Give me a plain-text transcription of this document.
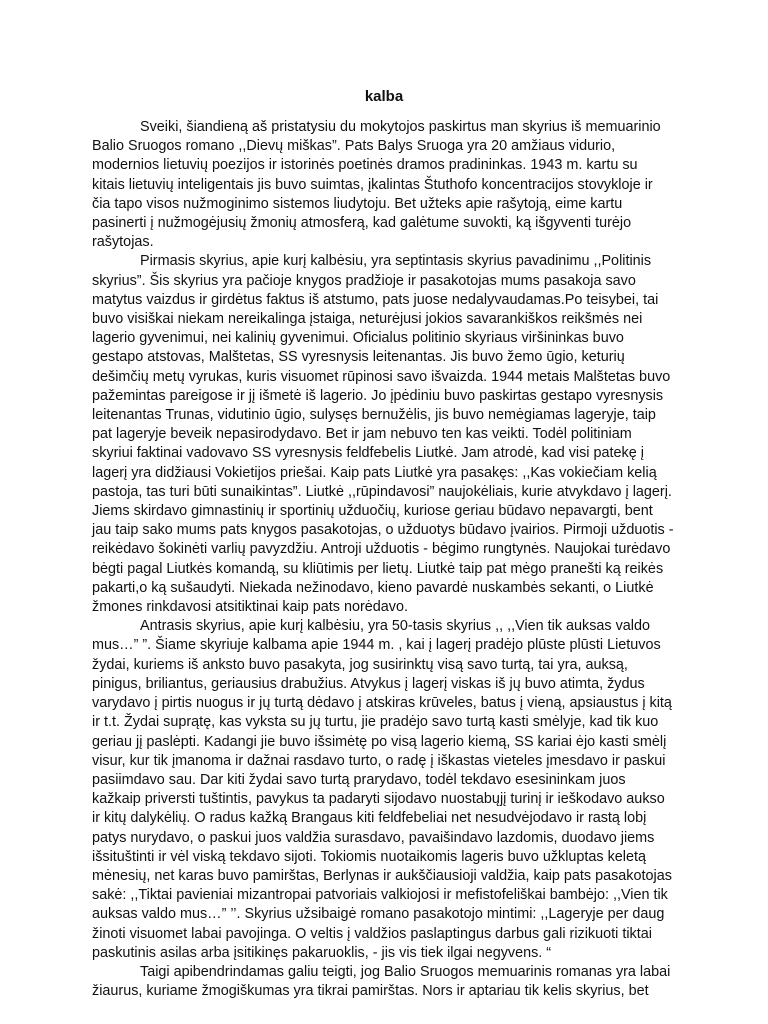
kalba

Sveiki, šiandieną aš pristatysiu du mokytojos paskirtus man skyrius iš memuarinio Balio Sruogos romano ,,Dievų miškas”. Pats Balys Sruoga yra 20 amžiaus vidurio, modernios lietuvių poezijos ir istorinės poetinės dramos pradininkas. 1943 m. kartu su kitais lietuvių inteligentais jis buvo suimtas, įkalintas Štuthofo koncentracijos stovykloje ir čia tapo visos nužmoginimo sistemos liudytoju. Bet užteks apie rašytoją, eime kartu pasinerti į nužmogėjusių žmonių atmosferą, kad galėtume suvokti, ką išgyventi turėjo rašytojas.

Pirmasis skyrius, apie kurį kalbėsiu, yra septintasis skyrius pavadinimu ,,Politinis skyrius”. Šis skyrius yra pačioje knygos pradžioje ir pasakotojas mums pasakoja savo matytus vaizdus ir girdėtus faktus iš atstumo, pats juose nedalyvaudamas.Po teisybei, tai buvo visiškai niekam nereikalinga įstaiga, neturėjusi jokios savarankiškos reikšmės nei lagerio gyvenimui, nei kalinių gyvenimui. Oficialus politinio skyriaus viršininkas buvo gestapo atstovas, Malštetas, SS vyresnysis leitenantas. Jis buvo žemo ūgio, keturių dešimčių metų vyrukas, kuris visuomet rūpinosi savo išvaizda. 1944 metais Malštetas buvo pažemintas pareigose ir jį išmetė iš lagerio. Jo įpėdiniu buvo paskirtas gestapo vyresnysis leitenantas Trunas, vidutinio ūgio, sulysęs bernužėlis, jis buvo nemėgiamas lageryje, taip pat lageryje beveik nepasirodydavo. Bet ir jam nebuvo ten kas veikti. Todėl politiniam skyriui faktinai vadovavo SS vyresnysis feldfebelis Liutkė. Jam atrodė, kad visi patekę į lagerį yra didžiausi Vokietijos priešai. Kaip pats Liutkė yra pasakęs: ,,Kas vokiečiam kelią pastoja, tas turi būti sunaikintas”. Liutkė ,,rūpindavosi” naujokėliais, kurie atvykdavo į lagerį. Jiems skirdavo gimnastinių ir sportinių užduočių, kuriose geriau būdavo nepavargti, bent jau taip sako mums pats knygos pasakotojas, o užduotys būdavo įvairios. Pirmoji užduotis - reikėdavo šokinėti varlių pavyzdžiu. Antroji užduotis - bėgimo rungtynės. Naujokai turėdavo bėgti pagal Liutkės komandą, su kliūtimis per lietų. Liutkė taip pat mėgo pranešti ką reikės pakarti,o ką sušaudyti. Niekada nežinodavo, kieno pavardė nuskambės sekanti, o Liutkė žmones rinkdavosi atsitiktinai kaip pats norėdavo.

Antrasis skyrius, apie kurį kalbėsiu, yra 50-tasis skyrius ,, ,,Vien tik auksas valdo mus…” ”. Šiame skyriuje kalbama apie 1944 m. , kai į lagerį pradėjo plūste plūsti Lietuvos žydai, kuriems iš anksto buvo pasakyta, jog susirinktų visą savo turtą, tai yra, auksą, pinigus, briliantus, geriausius drabužius. Atvykus į lagerį viskas iš jų buvo atimta, žydus varydavo į pirtis nuogus ir jų turtą dėdavo į atskiras krūveles, batus į vieną, apsiaustus į kitą ir t.t. Žydai suprątę, kas vyksta su jų turtu, jie pradėjo savo turtą kasti smėlyje, kad tik kuo geriau jį paslėpti. Kadangi jie buvo išsimėtę po visą lagerio kiemą, SS kariai ėjo kasti smėlį visur, kur tik įmanoma ir dažnai rasdavo turto, o radę į iškastas vieteles įmesdavo ir paskui pasiimdavo sau. Dar kiti žydai savo turtą prarydavo, todėl tekdavo esesininkam juos kažkaip priversti tuštintis, pavykus ta padaryti sijodavo nuostabųjį turinį ir ieškodavo aukso ir kitų dalykėlių. O radus kažką Brangaus kiti feldfebeliai net nesudvėjodavo ir rastą lobį patys nurydavo, o paskui juos valdžia surasdavo, pavaišindavo lazdomis, duodavo jiems išsituštinti ir vėl viską tekdavo sijoti. Tokiomis nuotaikomis lageris buvo užkluptas keletą mėnesių, net karas buvo pamirštas, Berlynas ir aukščiausioji valdžia, kaip pats pasakotojas sakė: ,,Tiktai pavieniai mizantropai patvoriais valkiojosi ir mefistofeliškai bambėjo: ,,Vien tik auksas valdo mus…” ’’. Skyrius užsibaigė romano pasakotojo mintimi: ,,Lageryje per daug žinoti visuomet labai pavojinga. O veltis į valdžios paslaptingus darbus gali rizikuoti tiktai paskutinis asilas arba įsitikinęs pakaruoklis, - jis vis tiek ilgai negyvens. “

Taigi apibendrindamas galiu teigti, jog Balio Sruogos memuarinis romanas yra labai žiaurus, kuriame žmogiškumas yra tikrai pamirštas. Nors ir aptariau tik kelis skyrius, bet
